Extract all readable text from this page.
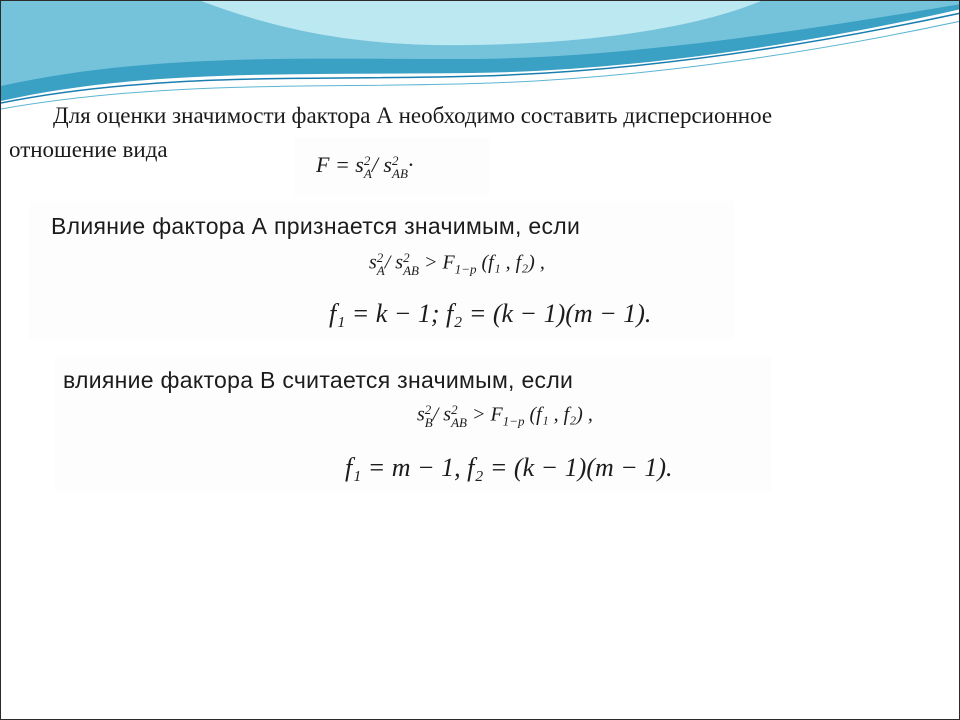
Для оценки значимости фактора А необходимо составить дисперсионное
отношение вида
F = s 2
A / s 2
AB ·
Влияние фактора А признается значимым, если
s 2
A / s 2
AB > $F_{1-p}$ (f₁ , f₂) ,
f₁ = k − 1; f₂ = (k − 1)(m − 1).
влияние фактора B считается значимым, если
s 2
B / s 2
AB > $F_{1-p}$ (f₁ , f₂) ,
f₁ = m − 1, f₂ = (k − 1)(m − 1).
